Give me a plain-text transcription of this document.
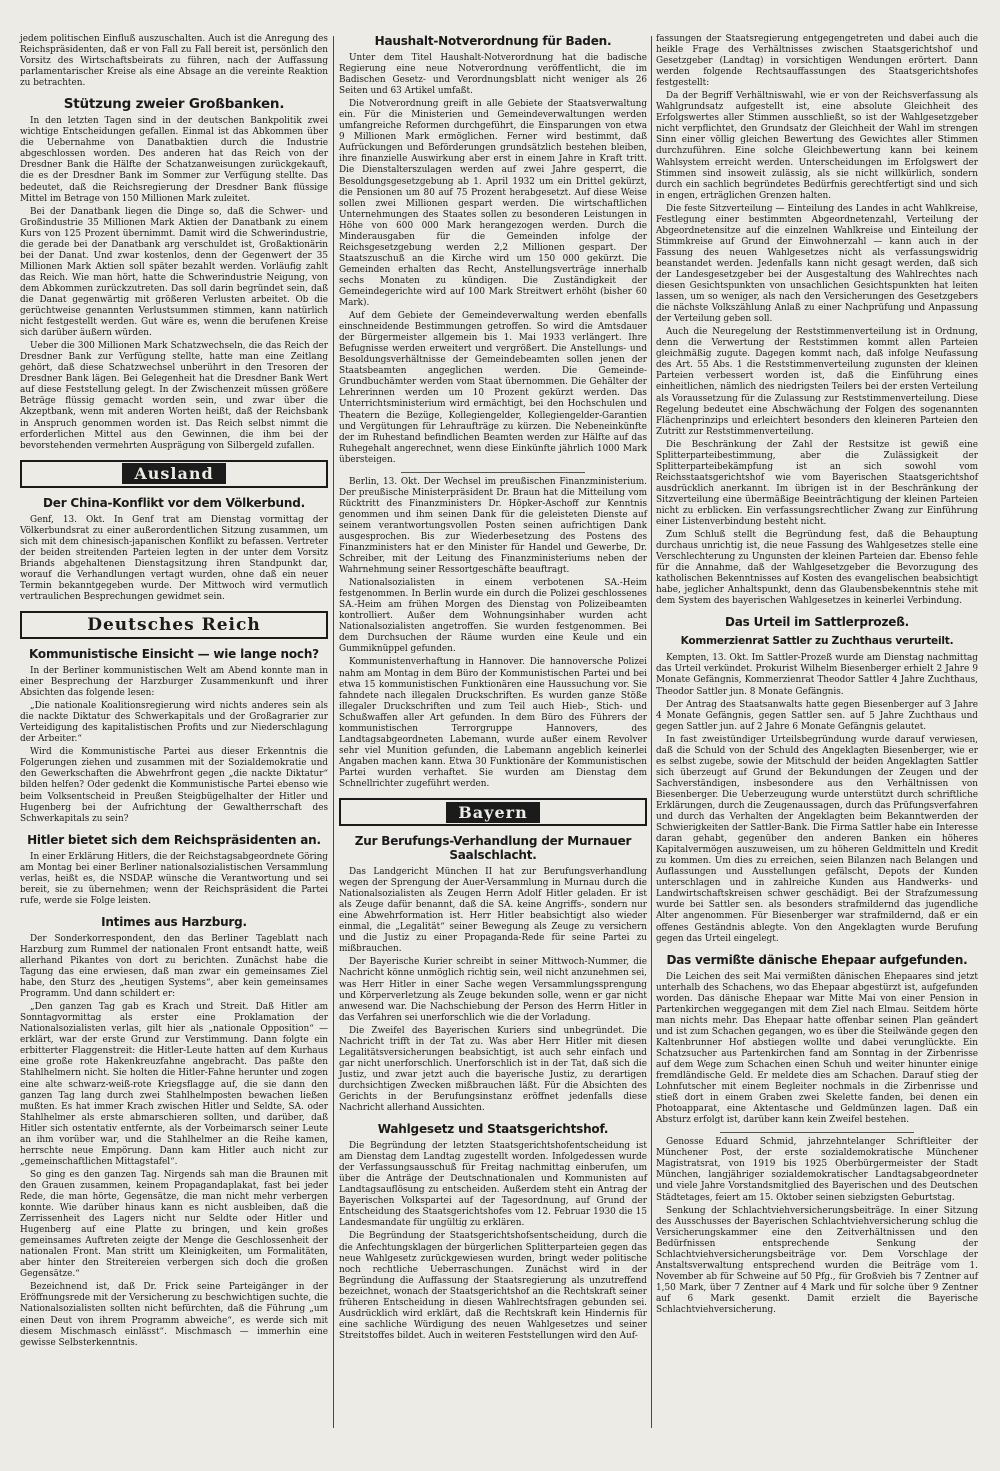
jedem politischen Einfluß auszuschalten. Auch ist die Anregung des Reichspräsidenten, daß er von Fall zu Fall bereit ist, persönlich den Vorsitz des Wirtschaftsbeirats zu führen, nach der Auffassung parlamentarischer Kreise als eine Absage an die vereinte Reaktion zu betrachten.

Stützung zweier Großbanken.

In den letzten Tagen sind in der deutschen Bankpolitik zwei wichtige Entscheidungen gefallen. Einmal ist das Abkommen über die Uebernahme von Danatbaktien durch die Industrie abgeschlossen worden. Des anderen hat das Reich von der Dresdner Bank die Hälfte der Schatzanweisungen zurückgekauft, die es der Dresdner Bank im Sommer zur Verfügung stellte. Das bedeutet, daß die Reichsregierung der Dresdner Bank flüssige Mittel im Betrage von 150 Millionen Mark zuleitet.

Bei der Danatbank liegen die Dinge so, daß die Schwer- und Großindustrie 35 Millionen Mark Aktien der Danatbank zu einem Kurs von 125 Prozent übernimmt. Damit wird die Schwerindustrie, die gerade bei der Danatbank arg verschuldet ist, Großaktionärin bei der Danat. Und zwar kostenlos, denn der Gegenwert der 35 Millionen Mark Aktien soll später bezahlt werden. Vorläufig zahlt das Reich. Wie man hört, hatte die Schwerindustrie Neigung, von dem Abkommen zurückzutreten. Das soll darin begründet sein, daß die Danat gegenwärtig mit größeren Verlusten arbeitet. Ob die gerüchtweise genannten Verlustsummen stimmen, kann natürlich nicht festgestellt werden. Gut wäre es, wenn die berufenen Kreise sich darüber äußern würden.

Ueber die 300 Millionen Mark Schatzwechseln, die das Reich der Dresdner Bank zur Verfügung stellte, hatte man eine Zeitlang gehört, daß diese Schatzwechsel unberührt in den Tresoren der Dresdner Bank lägen. Bei Gelegenheit hat die Dresdner Bank Wert auf diese Feststellung gelegt. In der Zwischenzeit müssen größere Beträge flüssig gemacht worden sein, und zwar über die Akzeptbank, wenn mit anderen Worten heißt, daß der Reichsbank in Anspruch genommen worden ist. Das Reich selbst nimmt die erforderlichen Mittel aus den Gewinnen, die ihm bei der bevorstehenden vermehrten Ausprägung von Silbergeld zufallen.

Ausland
Der China-Konflikt vor dem Völkerbund.

Genf, 13. Okt. In Genf trat am Dienstag vormittag der Völkerbundsrat zu einer außerordentlichen Sitzung zusammen, um sich mit dem chinesisch-japanischen Konflikt zu befassen. Vertreter der beiden streitenden Parteien legten in der unter dem Vorsitz Briands abgehaltenen Dienstagsitzung ihren Standpunkt dar, worauf die Verhandlungen vertagt wurden, ohne daß ein neuer Termin bekanntgegeben wurde. Der Mittwoch wird vermutlich vertraulichen Besprechungen gewidmet sein.

Deutsches Reich
Kommunistische Einsicht — wie lange noch?

In der Berliner kommunistischen Welt am Abend konnte man in einer Besprechung der Harzburger Zusammenkunft und ihrer Absichten das folgende lesen:

„Die nationale Koalitionsregierung wird nichts anderes sein als die nackte Diktatur des Schwerkapitals und der Großagrarier zur Verteidigung des kapitalistischen Profits und zur Niederschlagung der Arbeiter.“

Wird die Kommunistische Partei aus dieser Erkenntnis die Folgerungen ziehen und zusammen mit der Sozialdemokratie und den Gewerkschaften die Abwehrfront gegen „die nackte Diktatur“ bilden helfen? Oder gedenkt die Kommunistische Partei ebenso wie beim Volksentscheid in Preußen Steigbügelhalter der Hitler und Hugenberg bei der Aufrichtung der Gewaltherrschaft des Schwerkapitals zu sein?

Hitler bietet sich dem Reichspräsidenten an.

In einer Erklärung Hitlers, die der Reichstagsabgeordnete Göring am Montag bei einer Berliner nationalsozialistischen Versammlung verlas, heißt es, die NSDAP. wünsche die Verantwortung und sei bereit, sie zu übernehmen; wenn der Reichspräsident die Partei rufe, werde sie Folge leisten.

Intimes aus Harzburg.

Der Sonderkorrespondent, den das Berliner Tageblatt nach Harzburg zum Rummel der nationalen Front entsandt hatte, weiß allerhand Pikantes von dort zu berichten. Zunächst habe die Tagung das eine erwiesen, daß man zwar ein gemeinsames Ziel habe, den Sturz des „heutigen Systems“, aber kein gemeinsames Programm. Und dann schildert er:

„Den ganzen Tag gab es Krach und Streit. Daß Hitler am Sonntagvormittag als erster eine Proklamation der Nationalsozialisten verlas, gilt hier als „nationale Opposition“ — erklärt, war der erste Grund zur Verstimmung. Dann folgte ein erbitterter Flaggenstreit: die Hitler-Leute hatten auf dem Kurhaus eine große rote Hakenkreuzfahne angebracht. Das paßte den Stahlhelmern nicht. Sie holten die Hitler-Fahne herunter und zogen eine alte schwarz-weiß-rote Kriegsflagge auf, die sie dann den ganzen Tag lang durch zwei Stahlhelmposten bewachen ließen mußten. Es hat immer Krach zwischen Hitler und Seldte, SA. oder Stahlhelmer als erste abmarschieren sollten, und darüber, daß Hitler sich ostentativ entfernte, als der Vorbeimarsch seiner Leute an ihm vorüber war, und die Stahlhelmer an die Reihe kamen, herrschte neue Empörung. Dann kam Hitler auch nicht zur „gemeinschaftlichen Mittagstafel“.

So ging es den ganzen Tag. Nirgends sah man die Braunen mit den Grauen zusammen, keinem Propagandaplakat, fast bei jeder Rede, die man hörte, Gegensätze, die man nicht mehr verbergen konnte. Wie darüber hinaus kann es nicht ausbleiben, daß die Zerrissenheit des Lagers nicht nur Seldte oder Hitler und Hugenberg auf eine Platte zu bringen, und kein großes gemeinsames Auftreten zeigte der Menge die Geschlossenheit der nationalen Front. Man stritt um Kleinigkeiten, um Formalitäten, aber hinter den Streitereien verbergen sich doch die großen Gegensätze.“

Bezeichnend ist, daß Dr. Frick seine Parteigänger in der Eröffnungsrede mit der Versicherung zu beschwichtigen suchte, die Nationalsozialisten sollten nicht befürchten, daß die Führung „um einen Deut von ihrem Programm abweiche“, es werde sich mit diesem Mischmasch einlässt“. Mischmasch — immerhin eine gewisse Selbsterkenntnis.

Haushalt-Notverordnung für Baden.

Unter dem Titel Haushalt-Notverordnung hat die badische Regierung eine neue Notverordnung veröffentlicht, die im Badischen Gesetz- und Verordnungsblatt nicht weniger als 26 Seiten und 63 Artikel umfaßt.

Die Notverordnung greift in alle Gebiete der Staatsverwaltung ein. Für die Ministerien und Gemeindeverwaltungen werden umfangreiche Reformen durchgeführt, die Einsparungen von etwa 9 Millionen Mark ermöglichen. Ferner wird bestimmt, daß Aufrückungen und Beförderungen grundsätzlich bestehen bleiben, ihre finanzielle Auswirkung aber erst in einem Jahre in Kraft tritt. Die Dienstalterszulagen werden auf zwei Jahre gesperrt, die Besoldungsgesetzgebung ab 1. April 1932 um ein Drittel gekürzt, die Pensionen um 80 auf 75 Prozent herabgesetzt. Auf diese Weise sollen zwei Millionen gespart werden. Die wirtschaftlichen Unternehmungen des Staates sollen zu besonderen Leistungen in Höhe von 600 000 Mark herangezogen werden. Durch die Minderausgaben für die Gemeinden infolge der Reichsgesetzgebung werden 2,2 Millionen gespart. Der Staatszuschuß an die Kirche wird um 150 000 gekürzt. Die Gemeinden erhalten das Recht, Anstellungsverträge innerhalb sechs Monaten zu kündigen. Die Zuständigkeit der Gemeindegerichte wird auf 100 Mark Streitwert erhöht (bisher 60 Mark).

Auf dem Gebiete der Gemeindeverwaltung werden ebenfalls einschneidende Bestimmungen getroffen. So wird die Amtsdauer der Bürgermeister allgemein bis 1. Mai 1933 verlängert. Ihre Befugnisse werden erweitert und vergrößert. Die Anstellungs- und Besoldungsverhältnisse der Gemeindebeamten sollen jenen der Staatsbeamten angeglichen werden. Die Gemeinde-Grundbuchämter werden vom Staat übernommen. Die Gehälter der Lehrerinnen werden um 10 Prozent gekürzt werden. Das Unterrichtsministerium wird ermächtigt, bei den Hochschulen und Theatern die Bezüge, Kollegiengelder, Kollegiengelder-Garantien und Vergütungen für Lehraufträge zu kürzen. Die Nebeneinkünfte der im Ruhestand befindlichen Beamten werden zur Hälfte auf das Ruhegehalt angerechnet, wenn diese Einkünfte jährlich 1000 Mark übersteigen.

Berlin, 13. Okt. Der Wechsel im preußischen Finanzministerium. Der preußische Ministerpräsident Dr. Braun hat die Mitteilung vom Rücktritt des Finanzministers Dr. Höpker-Aschoff zur Kenntnis genommen und ihm seinen Dank für die geleisteten Dienste auf seinem verantwortungsvollen Posten seinen aufrichtigen Dank ausgesprochen. Bis zur Wiederbesetzung des Postens des Finanzministers hat er den Minister für Handel und Gewerbe, Dr. Schreiber, mit der Leitung des Finanzministeriums neben der Wahrnehmung seiner Ressortgeschäfte beauftragt.

Nationalsozialisten in einem verbotenen SA.-Heim festgenommen. In Berlin wurde ein durch die Polizei geschlossenes SA.-Heim am frühen Morgen des Dienstag von Polizeibeamten kontrolliert. Außer dem Wohnungsinhaber wurden acht Nationalsozialisten angetroffen. Sie wurden festgenommen. Bei dem Durchsuchen der Räume wurden eine Keule und ein Gummiknüppel gefunden.

Kommunistenverhaftung in Hannover. Die hannoversche Polizei nahm am Montag in dem Büro der Kommunistischen Partei und bei etwa 15 kommunistischen Funktionären eine Haussuchung vor. Sie fahndete nach illegalen Druckschriften. Es wurden ganze Stöße illegaler Druckschriften und zum Teil auch Hieb-, Stich- und Schußwaffen aller Art gefunden. In dem Büro des Führers der kommunistischen Terrorgruppe Hannovers, des Landtagsabgeordneten Labemann, wurde außer einem Revolver sehr viel Munition gefunden, die Labemann angeblich keinerlei Angaben machen kann. Etwa 30 Funktionäre der Kommunistischen Partei wurden verhaftet. Sie wurden am Dienstag dem Schnellrichter zugeführt werden.

Bayern
Zur Berufungs-Verhandlung der Murnauer Saalschlacht.

Das Landgericht München II hat zur Berufungsverhandlung wegen der Sprengung der Auer-Versammlung in Murnau durch die Nationalsozialisten als Zeugen Herrn Adolf Hitler geladen. Er ist als Zeuge dafür benannt, daß die SA. keine Angriffs-, sondern nur eine Abwehrformation ist. Herr Hitler beabsichtigt also wieder einmal, die „Legalität“ seiner Bewegung als Zeuge zu versichern und die Justiz zu einer Propaganda-Rede für seine Partei zu mißbrauchen.

Der Bayerische Kurier schreibt in seiner Mittwoch-Nummer, die Nachricht könne unmöglich richtig sein, weil nicht anzunehmen sei, was Herr Hitler in einer Sache wegen Versammlungssprengung und Körperverletzung als Zeuge bekunden solle, wenn er gar nicht anwesend war. Die Nachschiebung der Person des Herrn Hitler in das Verfahren sei unerforschlich wie die der Vorladung.

Die Zweifel des Bayerischen Kuriers sind unbegründet. Die Nachricht trifft in der Tat zu. Was aber Herr Hitler mit diesen Legalitätsversicherungen beabsichtigt, ist auch sehr einfach und gar nicht unerforschlich. Unerforschlich ist in der Tat, daß sich die Justiz, und zwar jetzt auch die bayerische Justiz, zu derartigen durchsichtigen Zwecken mißbrauchen läßt. Für die Absichten des Gerichts in der Berufungsinstanz eröffnet jedenfalls diese Nachricht allerhand Aussichten.

Wahlgesetz und Staatsgerichtshof.

Die Begründung der letzten Staatsgerichtshofentscheidung ist am Dienstag dem Landtag zugestellt worden. Infolgedessen wurde der Verfassungsausschuß für Freitag nachmittag einberufen, um über die Anträge der Deutschnationalen und Kommunisten auf Landtagsauflösung zu entscheiden. Außerdem steht ein Antrag der Bayerischen Volkspartei auf der Tagesordnung, auf Grund der Entscheidung des Staatsgerichtshofes vom 12. Februar 1930 die 15 Landesmandate für ungültig zu erklären.

Die Begründung der Staatsgerichtshofsentscheidung, durch die die Anfechtungsklagen der bürgerlichen Splitterparteien gegen das neue Wahlgesetz zurückgewiesen wurden, bringt weder politische noch rechtliche Ueberraschungen. Zunächst wird in der Begründung die Auffassung der Staatsregierung als unzutreffend bezeichnet, wonach der Staatsgerichtshof an die Rechtskraft seiner früheren Entscheidung in diesen Wahlrechtsfragen gebunden sei. Ausdrücklich wird erklärt, daß die Rechtskraft kein Hindernis für eine sachliche Würdigung des neuen Wahlgesetzes und seiner Streitstoffes bildet. Auch in weiteren Feststellungen wird den Auf-

fassungen der Staatsregierung entgegengetreten und dabei auch die heikle Frage des Verhältnisses zwischen Staatsgerichtshof und Gesetzgeber (Landtag) in vorsichtigen Wendungen erörtert. Dann werden folgende Rechtsauffassungen des Staatsgerichtshofes festgestellt:

Da der Begriff Verhältniswahl, wie er von der Reichsverfassung als Wahlgrundsatz aufgestellt ist, eine absolute Gleichheit des Erfolgswertes aller Stimmen ausschließt, so ist der Wahlgesetzgeber nicht verpflichtet, den Grundsatz der Gleichheit der Wahl im strengen Sinn einer völlig gleichen Bewertung des Gewichtes aller Stimmen durchzuführen. Eine solche Gleichbewertung kann bei keinem Wahlsystem erreicht werden. Unterscheidungen im Erfolgswert der Stimmen sind insoweit zulässig, als sie nicht willkürlich, sondern durch ein sachlich begründetes Bedürfnis gerechtfertigt sind und sich in engen, erträglichen Grenzen halten.

Die feste Sitzverteilung — Einteilung des Landes in acht Wahlkreise, Festlegung einer bestimmten Abgeordnetenzahl, Verteilung der Abgeordnetensitze auf die einzelnen Wahlkreise und Einteilung der Stimmkreise auf Grund der Einwohnerzahl — kann auch in der Fassung des neuen Wahlgesetzes nicht als verfassungswidrig beanstandet werden. Jedenfalls kann nicht gesagt werden, daß sich der Landesgesetzgeber bei der Ausgestaltung des Wahlrechtes nach diesen Gesichtspunkten von unsachlichen Gesichtspunkten hat leiten lassen, um so weniger, als nach den Versicherungen des Gesetzgebers die nächste Volkszählung Anlaß zu einer Nachprüfung und Anpassung der Verteilung geben soll.

Auch die Neuregelung der Reststimmenverteilung ist in Ordnung, denn die Verwertung der Reststimmen kommt allen Parteien gleichmäßig zugute. Dagegen kommt nach, daß infolge Neufassung des Art. 55 Abs. 1 die Reststimmenverteilung zugunsten der kleinen Parteien verbessert worden ist, daß die Einführung eines einheitlichen, nämlich des niedrigsten Teilers bei der ersten Verteilung als Voraussetzung für die Zulassung zur Reststimmenverteilung. Diese Regelung bedeutet eine Abschwächung der Folgen des sogenannten Flächenprinzips und erleichtert besonders den kleineren Parteien den Zutritt zur Reststimmenverteilung.

Die Beschränkung der Zahl der Restsitze ist gewiß eine Splitterparteibestimmung, aber die Zulässigkeit der Splitterparteibekämpfung ist an sich sowohl vom Reichsstaatsgerichtshof wie vom Bayerischen Staatsgerichtshof ausdrücklich anerkannt. Im übrigen ist in der Beschränkung der Sitzverteilung eine übermäßige Beeinträchtigung der kleinen Parteien nicht zu erblicken. Ein verfassungsrechtlicher Zwang zur Einführung einer Listenverbindung besteht nicht.

Zum Schluß stellt die Begründung fest, daß die Behauptung durchaus unrichtig ist, die neue Fassung des Wahlgesetzes stelle eine Verschlechterung zu Ungunsten der kleinen Parteien dar. Ebenso fehle für die Annahme, daß der Wahlgesetzgeber die Bevorzugung des katholischen Bekenntnisses auf Kosten des evangelischen beabsichtigt habe, jeglicher Anhaltspunkt, denn das Glaubensbekenntnis stehe mit dem System des bayerischen Wahlgesetzes in keinerlei Verbindung.

Das Urteil im Sattlerprozeß.
Kommerzienrat Sattler zu Zuchthaus verurteilt.

Kempten, 13. Okt. Im Sattler-Prozeß wurde am Dienstag nachmittag das Urteil verkündet. Prokurist Wilhelm Biesenberger erhielt 2 Jahre 9 Monate Gefängnis, Kommerzienrat Theodor Sattler 4 Jahre Zuchthaus, Theodor Sattler jun. 8 Monate Gefängnis.

Der Antrag des Staatsanwalts hatte gegen Biesenberger auf 3 Jahre 4 Monate Gefängnis, gegen Sattler sen. auf 5 Jahre Zuchthaus und gegen Sattler jun. auf 2 Jahre 6 Monate Gefängnis gelautet.

In fast zweistündiger Urteilsbegründung wurde darauf verwiesen, daß die Schuld von der Schuld des Angeklagten Biesenberger, wie er es selbst zugebe, sowie der Mitschuld der beiden Angeklagten Sattler sich überzeugt auf Grund der Bekundungen der Zeugen und der Sachverständigen, insbesondere aus den Verhältnissen von Biesenberger. Die Ueberzeugung wurde unterstützt durch schriftliche Erklärungen, durch die Zeugenaussagen, durch das Prüfungsverfahren und durch das Verhalten der Angeklagten beim Bekanntwerden der Schwierigkeiten der Sattler-Bank. Die Firma Sattler habe ein Interesse daran gehabt, gegenüber den anderen Banken ein höheres Kapitalvermögen auszuweisen, um zu höheren Geldmitteln und Kredit zu kommen. Um dies zu erreichen, seien Bilanzen nach Belangen und Auflassungen und Ausstellungen gefälscht, Depots der Kunden unterschlagen und in zahlreiche Kunden aus Handwerks- und Landwirtschaftskreisen schwer geschädigt. Bei der Strafzumessung wurde bei Sattler sen. als besonders strafmildernd das jugendliche Alter angenommen. Für Biesenberger war strafmildernd, daß er ein offenes Geständnis ablegte. Von den Angeklagten wurde Berufung gegen das Urteil eingelegt.

Das vermißte dänische Ehepaar aufgefunden.

Die Leichen des seit Mai vermißten dänischen Ehepaares sind jetzt unterhalb des Schachens, wo das Ehepaar abgestürzt ist, aufgefunden worden. Das dänische Ehepaar war Mitte Mai von einer Pension in Partenkirchen weggegangen mit dem Ziel nach Elmau. Seitdem hörte man nichts mehr. Das Ehepaar hatte offenbar seinen Plan geändert und ist zum Schachen gegangen, wo es über die Steilwände gegen den Kaltenbrunner Hof abstiegen wollte und dabei verunglückte. Ein Schatzsucher aus Partenkirchen fand am Sonntag in der Zirbenrisse auf dem Wege zum Schachen einen Schuh und weiter hinunter einige fremdländische Geld. Er meldete dies am Schachen. Darauf stieg der Lohnfutscher mit einem Begleiter nochmals in die Zirbenrisse und stieß dort in einem Graben zwei Skelette fanden, bei denen ein Photoapparat, eine Aktentasche und Geldmünzen lagen. Daß ein Absturz erfolgt ist, darüber kann kein Zweifel bestehen.

Genosse Eduard Schmid, jahrzehntelanger Schriftleiter der Münchener Post, der erste sozialdemokratische Münchener Magistratsrat, von 1919 bis 1925 Oberbürgermeister der Stadt München, langjähriger sozialdemokratischer Landtagsabgeordneter und viele Jahre Vorstandsmitglied des Bayerischen und des Deutschen Städtetages, feiert am 15. Oktober seinen siebzigsten Geburtstag.

Senkung der Schlachtviehversicherungsbeiträge. In einer Sitzung des Ausschusses der Bayerischen Schlachtviehversicherung schlug die Versicherungskammer eine den Zeitverhältnissen und den Bedürfnissen entsprechende Senkung der Schlachtviehversicherungsbeiträge vor. Dem Vorschlage der Anstaltsverwaltung entsprechend wurden die Beiträge vom 1. November ab für Schweine auf 50 Pfg., für Großvieh bis 7 Zentner auf 1,50 Mark, über 7 Zentner auf 4 Mark und für solche über 9 Zentner auf 6 Mark gesenkt. Damit erzielt die Bayerische Schlachtviehversicherung.
